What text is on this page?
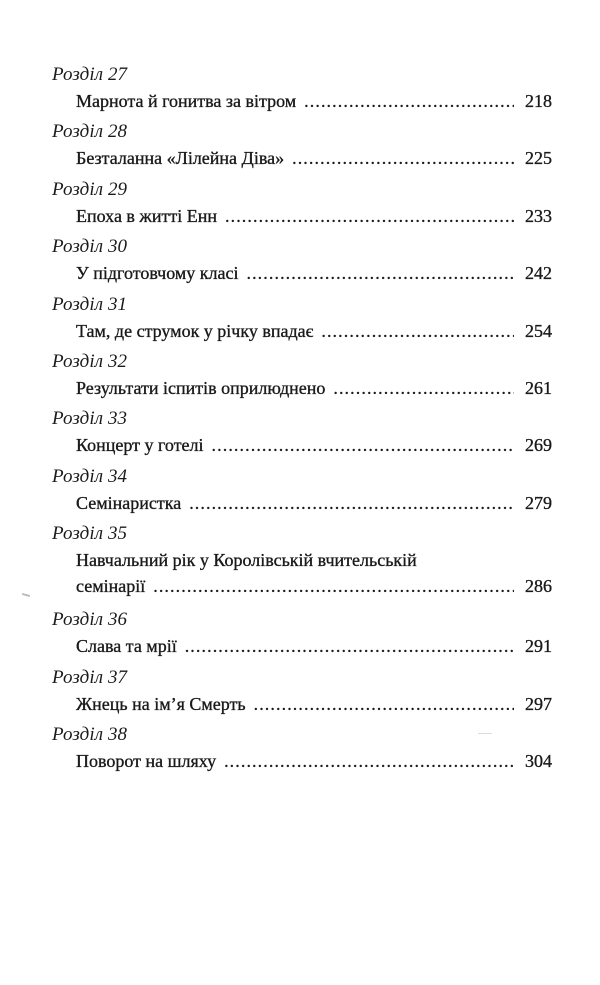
Розділ 27
Марнота й гонитва за вітром .....	218
Розділ 28
Безталанна «Лілейна Діва» .....	225
Розділ 29
Епоха в житті Енн .....	233
Розділ 30
У підготовчому класі .....	242
Розділ 31
Там, де струмок у річку впадає .....	254
Розділ 32
Результати іспитів оприлюднено .....	261
Розділ 33
Концерт у готелі .....	269
Розділ 34
Семінаристка .....	279
Розділ 35
Навчальний рік у Королівській вчительській
семінарії .....	286
Розділ 36
Слава та мрії .....	291
Розділ 37
Жнець на ім’я Смерть .....	297
Розділ 38
Поворот на шляху .....	304
